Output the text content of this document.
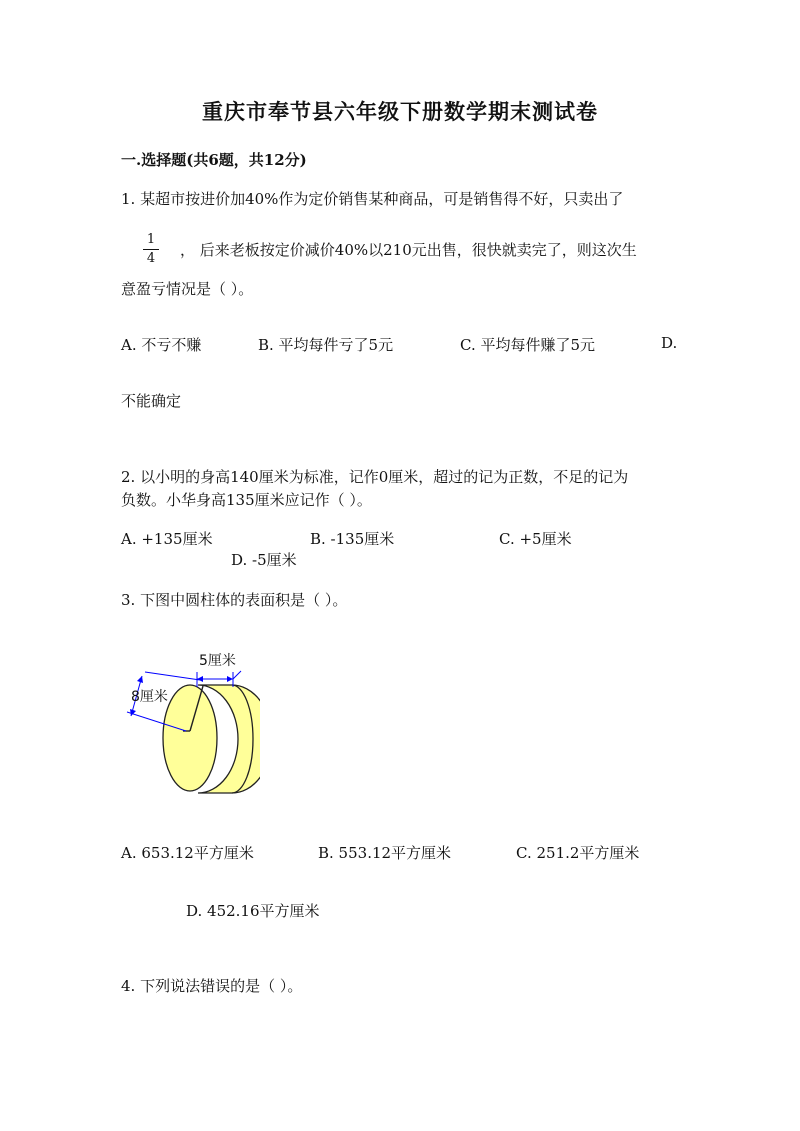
重庆市奉节县六年级下册数学期末测试卷
一.选择题(共6题，共12分)
1. 某超市按进价加40%作为定价销售某种商品，可是销售得不好，只卖出了
1
4 ， 后来老板按定价减价40%以210元出售，很快就卖完了，则这次生
意盈亏情况是（ ）。
A. 不亏不赚	B. 平均每件亏了5元	C. 平均每件赚了5元	D.
不能确定
2. 以小明的身高140厘米为标准，记作0厘米，超过的记为正数，不足的记为
负数。小华身高135厘米应记作（ ）。
A. +135厘米	B. -135厘米	C. +5厘米
D. -5厘米
3. 下图中圆柱体的表面积是（ ）。
5厘米
8厘米
A. 653.12平方厘米	B. 553.12平方厘米	C. 251.2平方厘米
D. 452.16平方厘米
4. 下列说法错误的是（ ）。
